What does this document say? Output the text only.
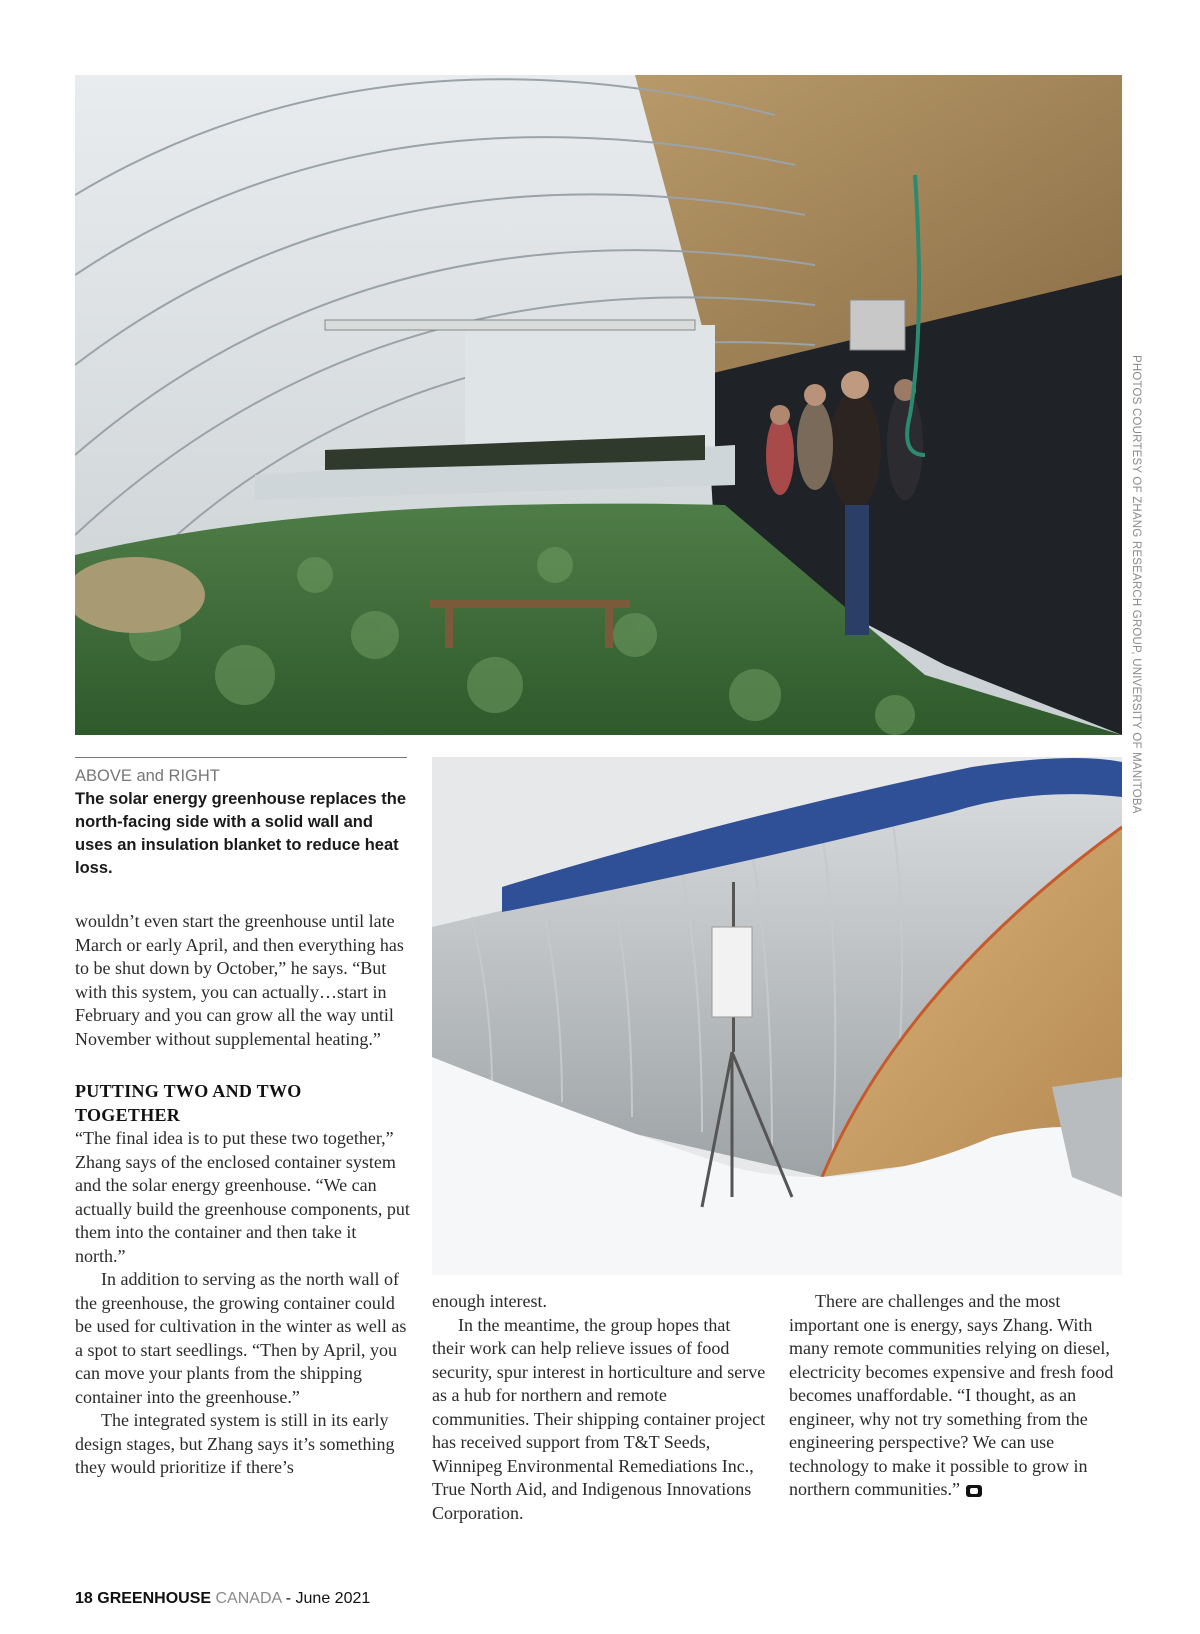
PHOTOS COURTESY OF ZHANG RESEARCH GROUP, UNIVERSITY OF MANITOBA
ABOVE and RIGHT
The solar energy greenhouse replaces the north-facing side with a solid wall and uses an insulation blanket to reduce heat loss.

wouldn’t even start the greenhouse until late March or early April, and then everything has to be shut down by October,” he says. “But with this system, you can actually…start in February and you can grow all the way until November without supplemental heating.”

PUTTING TWO AND TWO TOGETHER

“The final idea is to put these two together,” Zhang says of the enclosed container system and the solar energy greenhouse. “We can actually build the greenhouse components, put them into the container and then take it north.”

In addition to serving as the north wall of the greenhouse, the growing container could be used for cultivation in the winter as well as a spot to start seedlings. “Then by April, you can move your plants from the shipping container into the greenhouse.”

The integrated system is still in its early design stages, but Zhang says it’s something they would prioritize if there’s

enough interest.

In the meantime, the group hopes that their work can help relieve issues of food security, spur interest in horticulture and serve as a hub for northern and remote communities. Their shipping container project has received support from T&T Seeds, Winnipeg Environmental Remediations Inc., True North Aid, and Indigenous Innovations Corporation.

There are challenges and the most important one is energy, says Zhang. With many remote communities relying on diesel, electricity becomes expensive and fresh food becomes unaffordable. “I thought, as an engineer, why not try something from the engineering perspective? We can use technology to make it possible to grow in northern communities.”

18 GREENHOUSE CANADA - June 2021
